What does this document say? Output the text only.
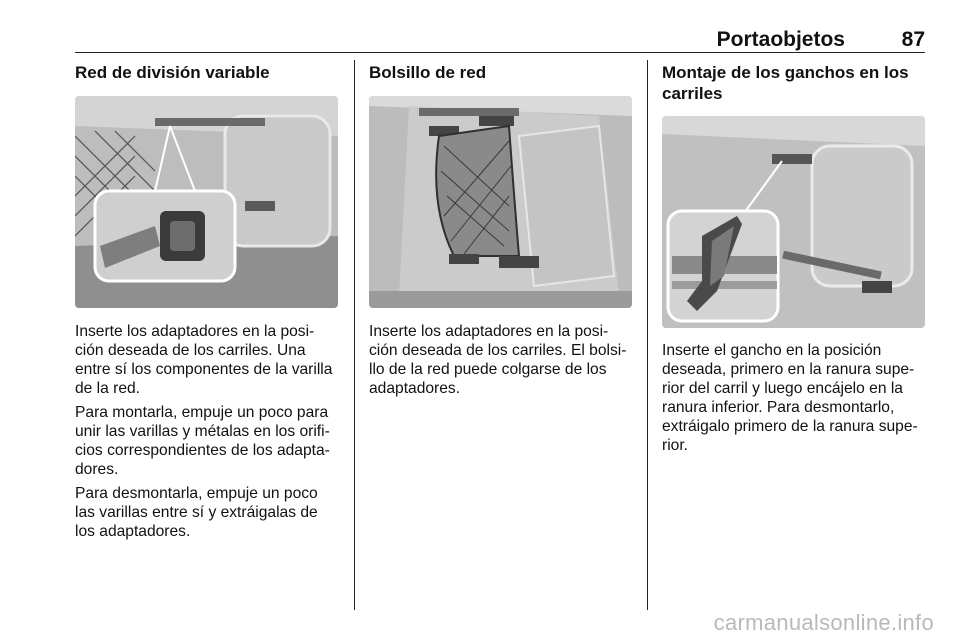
Portaobjetos	87
Red de división variable

Inserte los adaptadores en la posi-ción deseada de los carriles. Una entre sí los componentes de la varilla de la red.

Para montarla, empuje un poco para unir las varillas y métalas en los orifi-cios correspondientes de los adapta-dores.

Para desmontarla, empuje un poco las varillas entre sí y extráigalas de los adaptadores.

Bolsillo de red

Inserte los adaptadores en la posi-ción deseada de los carriles. El bolsi-llo de la red puede colgarse de los adaptadores.

Montaje de los ganchos en los carriles

Inserte el gancho en la posición deseada, primero en la ranura supe-rior del carril y luego encájelo en la ranura inferior. Para desmontarlo, extráigalo primero de la ranura supe-rior.

carmanualsonline.info
